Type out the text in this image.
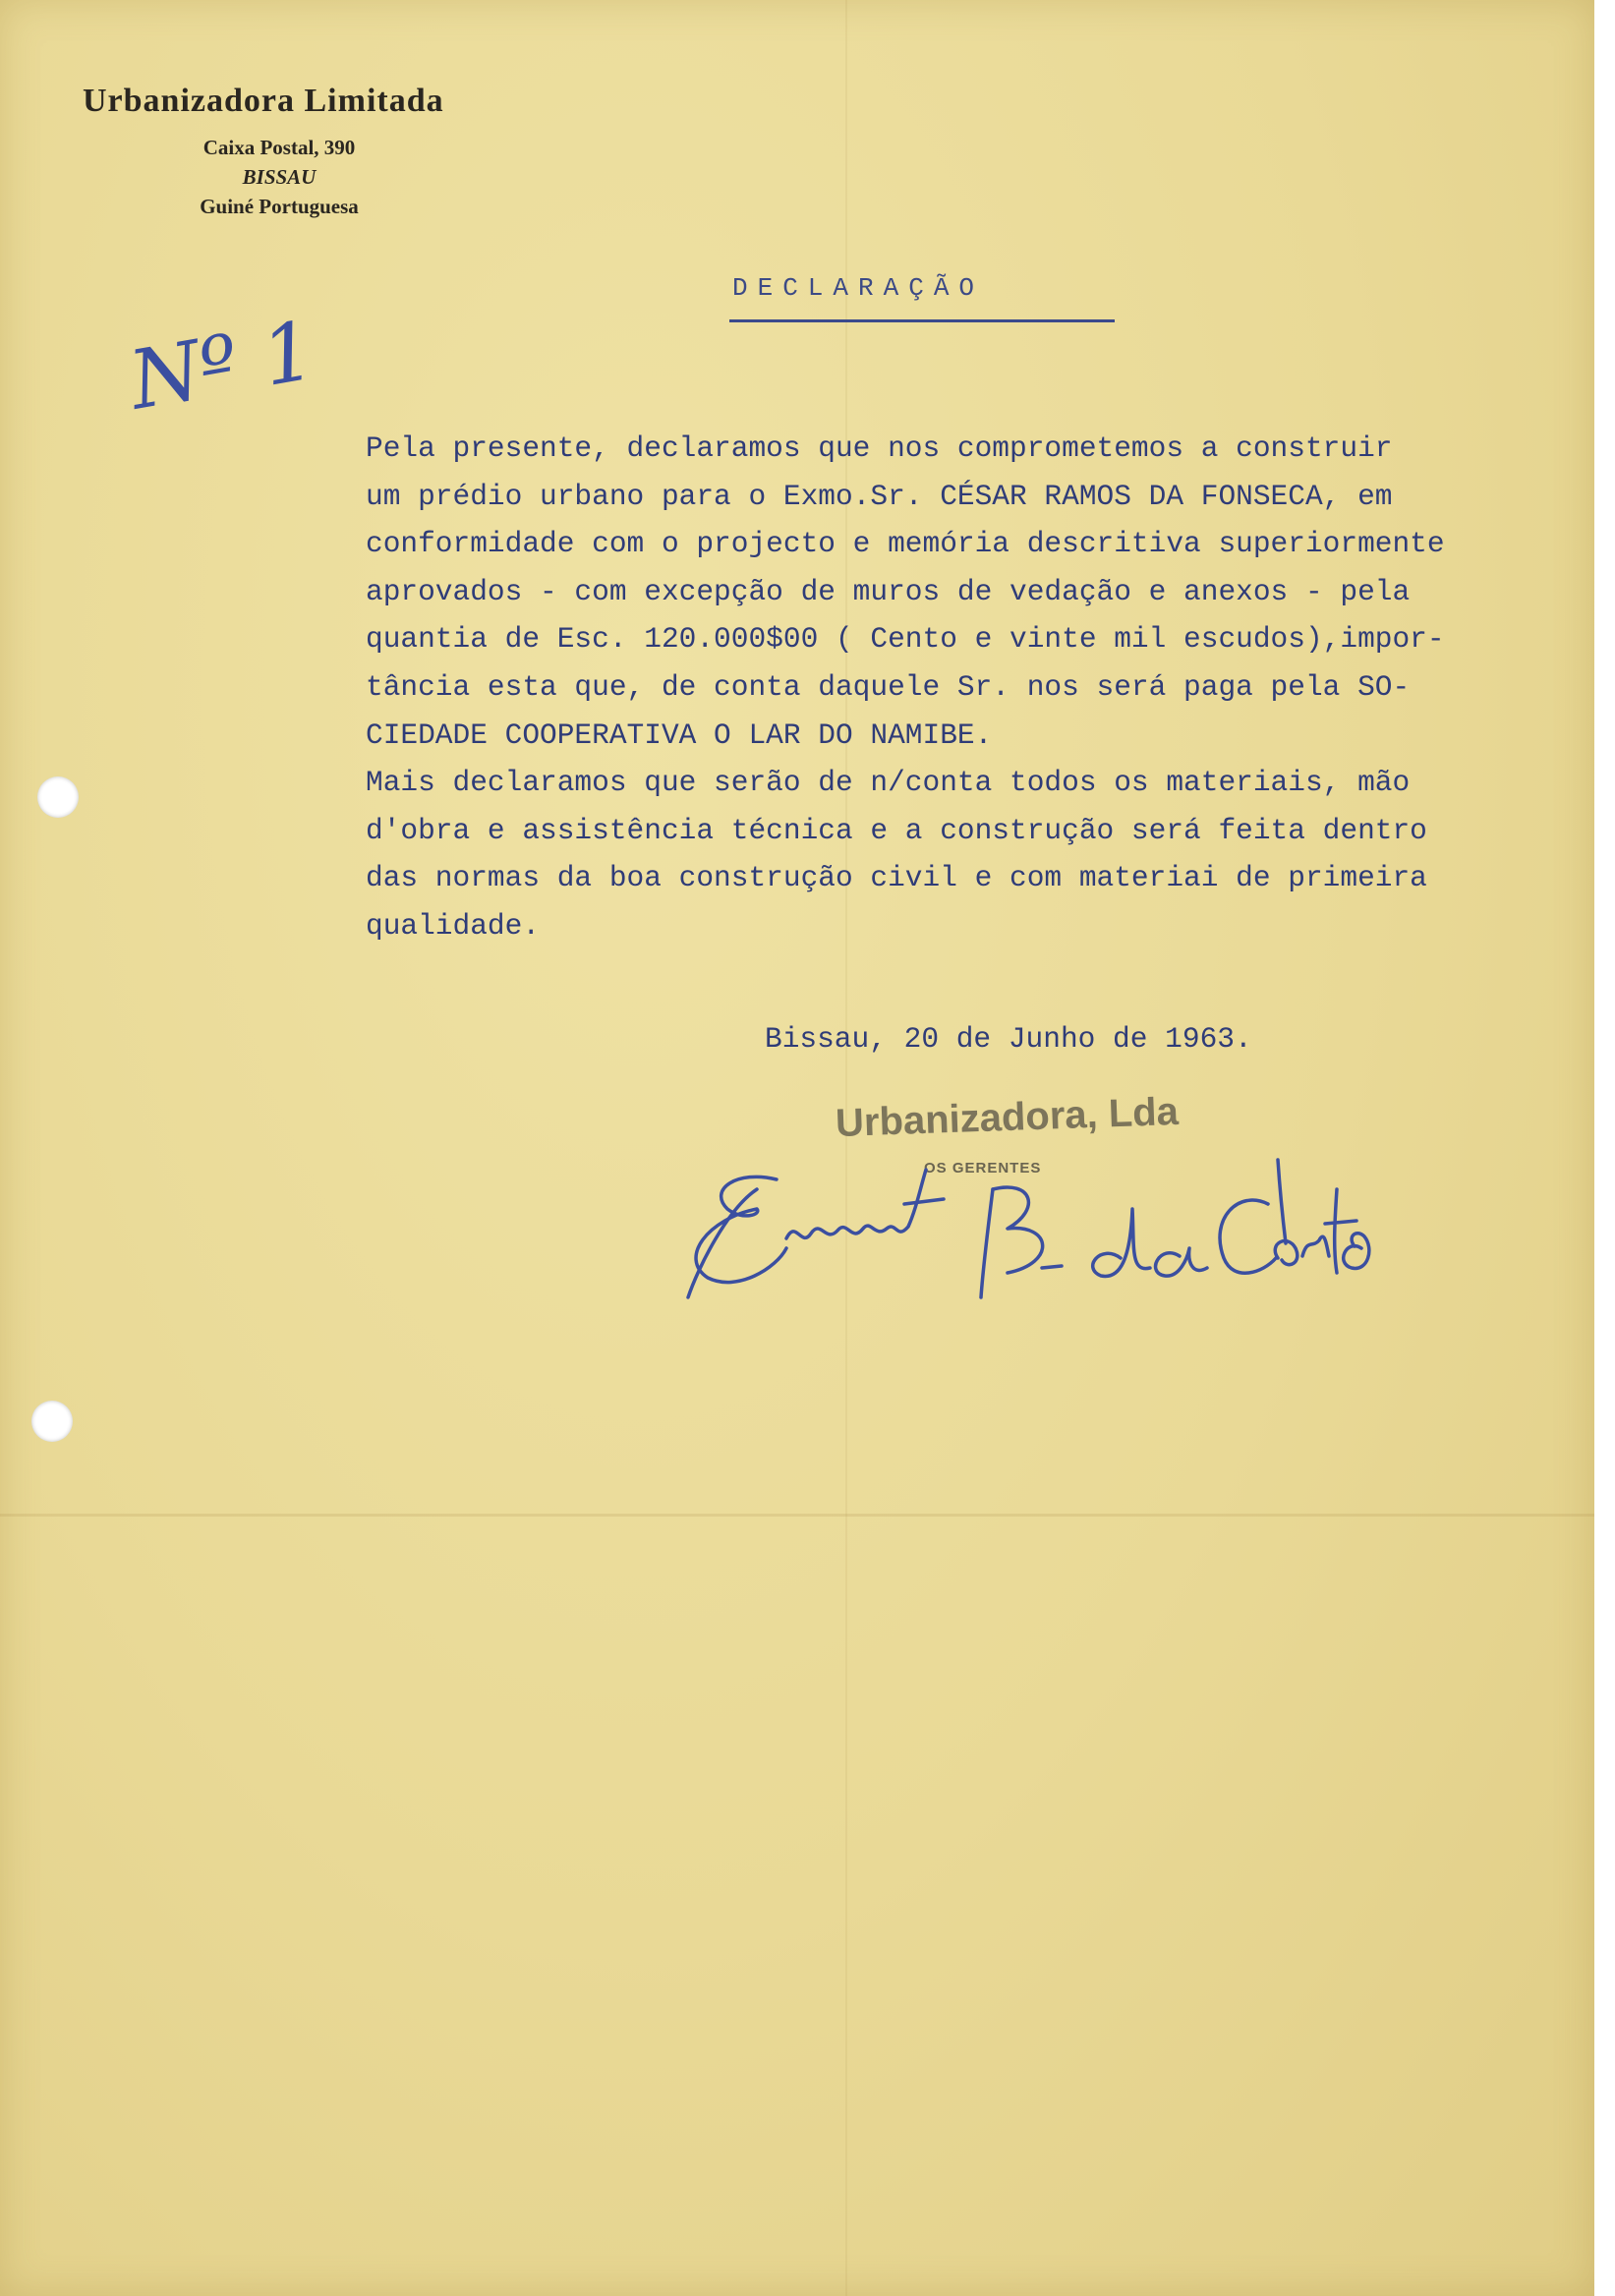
Urbanizadora Limitada
Caixa Postal, 390
BISSAU
Guiné Portuguesa
Nº 1
DECLARAÇÃO
Pela presente, declaramos que nos comprometemos a construir
um prédio urbano para o Exmo.Sr. CÉSAR RAMOS DA FONSECA, em
conformidade com o projecto e memória descritiva superiormente
aprovados - com excepção de muros de vedação e anexos - pela
quantia de Esc. 120.000$00 ( Cento e vinte mil escudos),impor-
tância esta que, de conta daquele Sr. nos será paga pela SO-
CIEDADE COOPERATIVA O LAR DO NAMIBE.
Mais declaramos que serão de n/conta todos os materiais, mão
d'obra e assistência técnica e a construção será feita dentro
das normas da boa construção civil e com materiai de primeira
qualidade.
Bissau, 20 de Junho de 1963.
Urbanizadora, Lda
OS GERENTES
